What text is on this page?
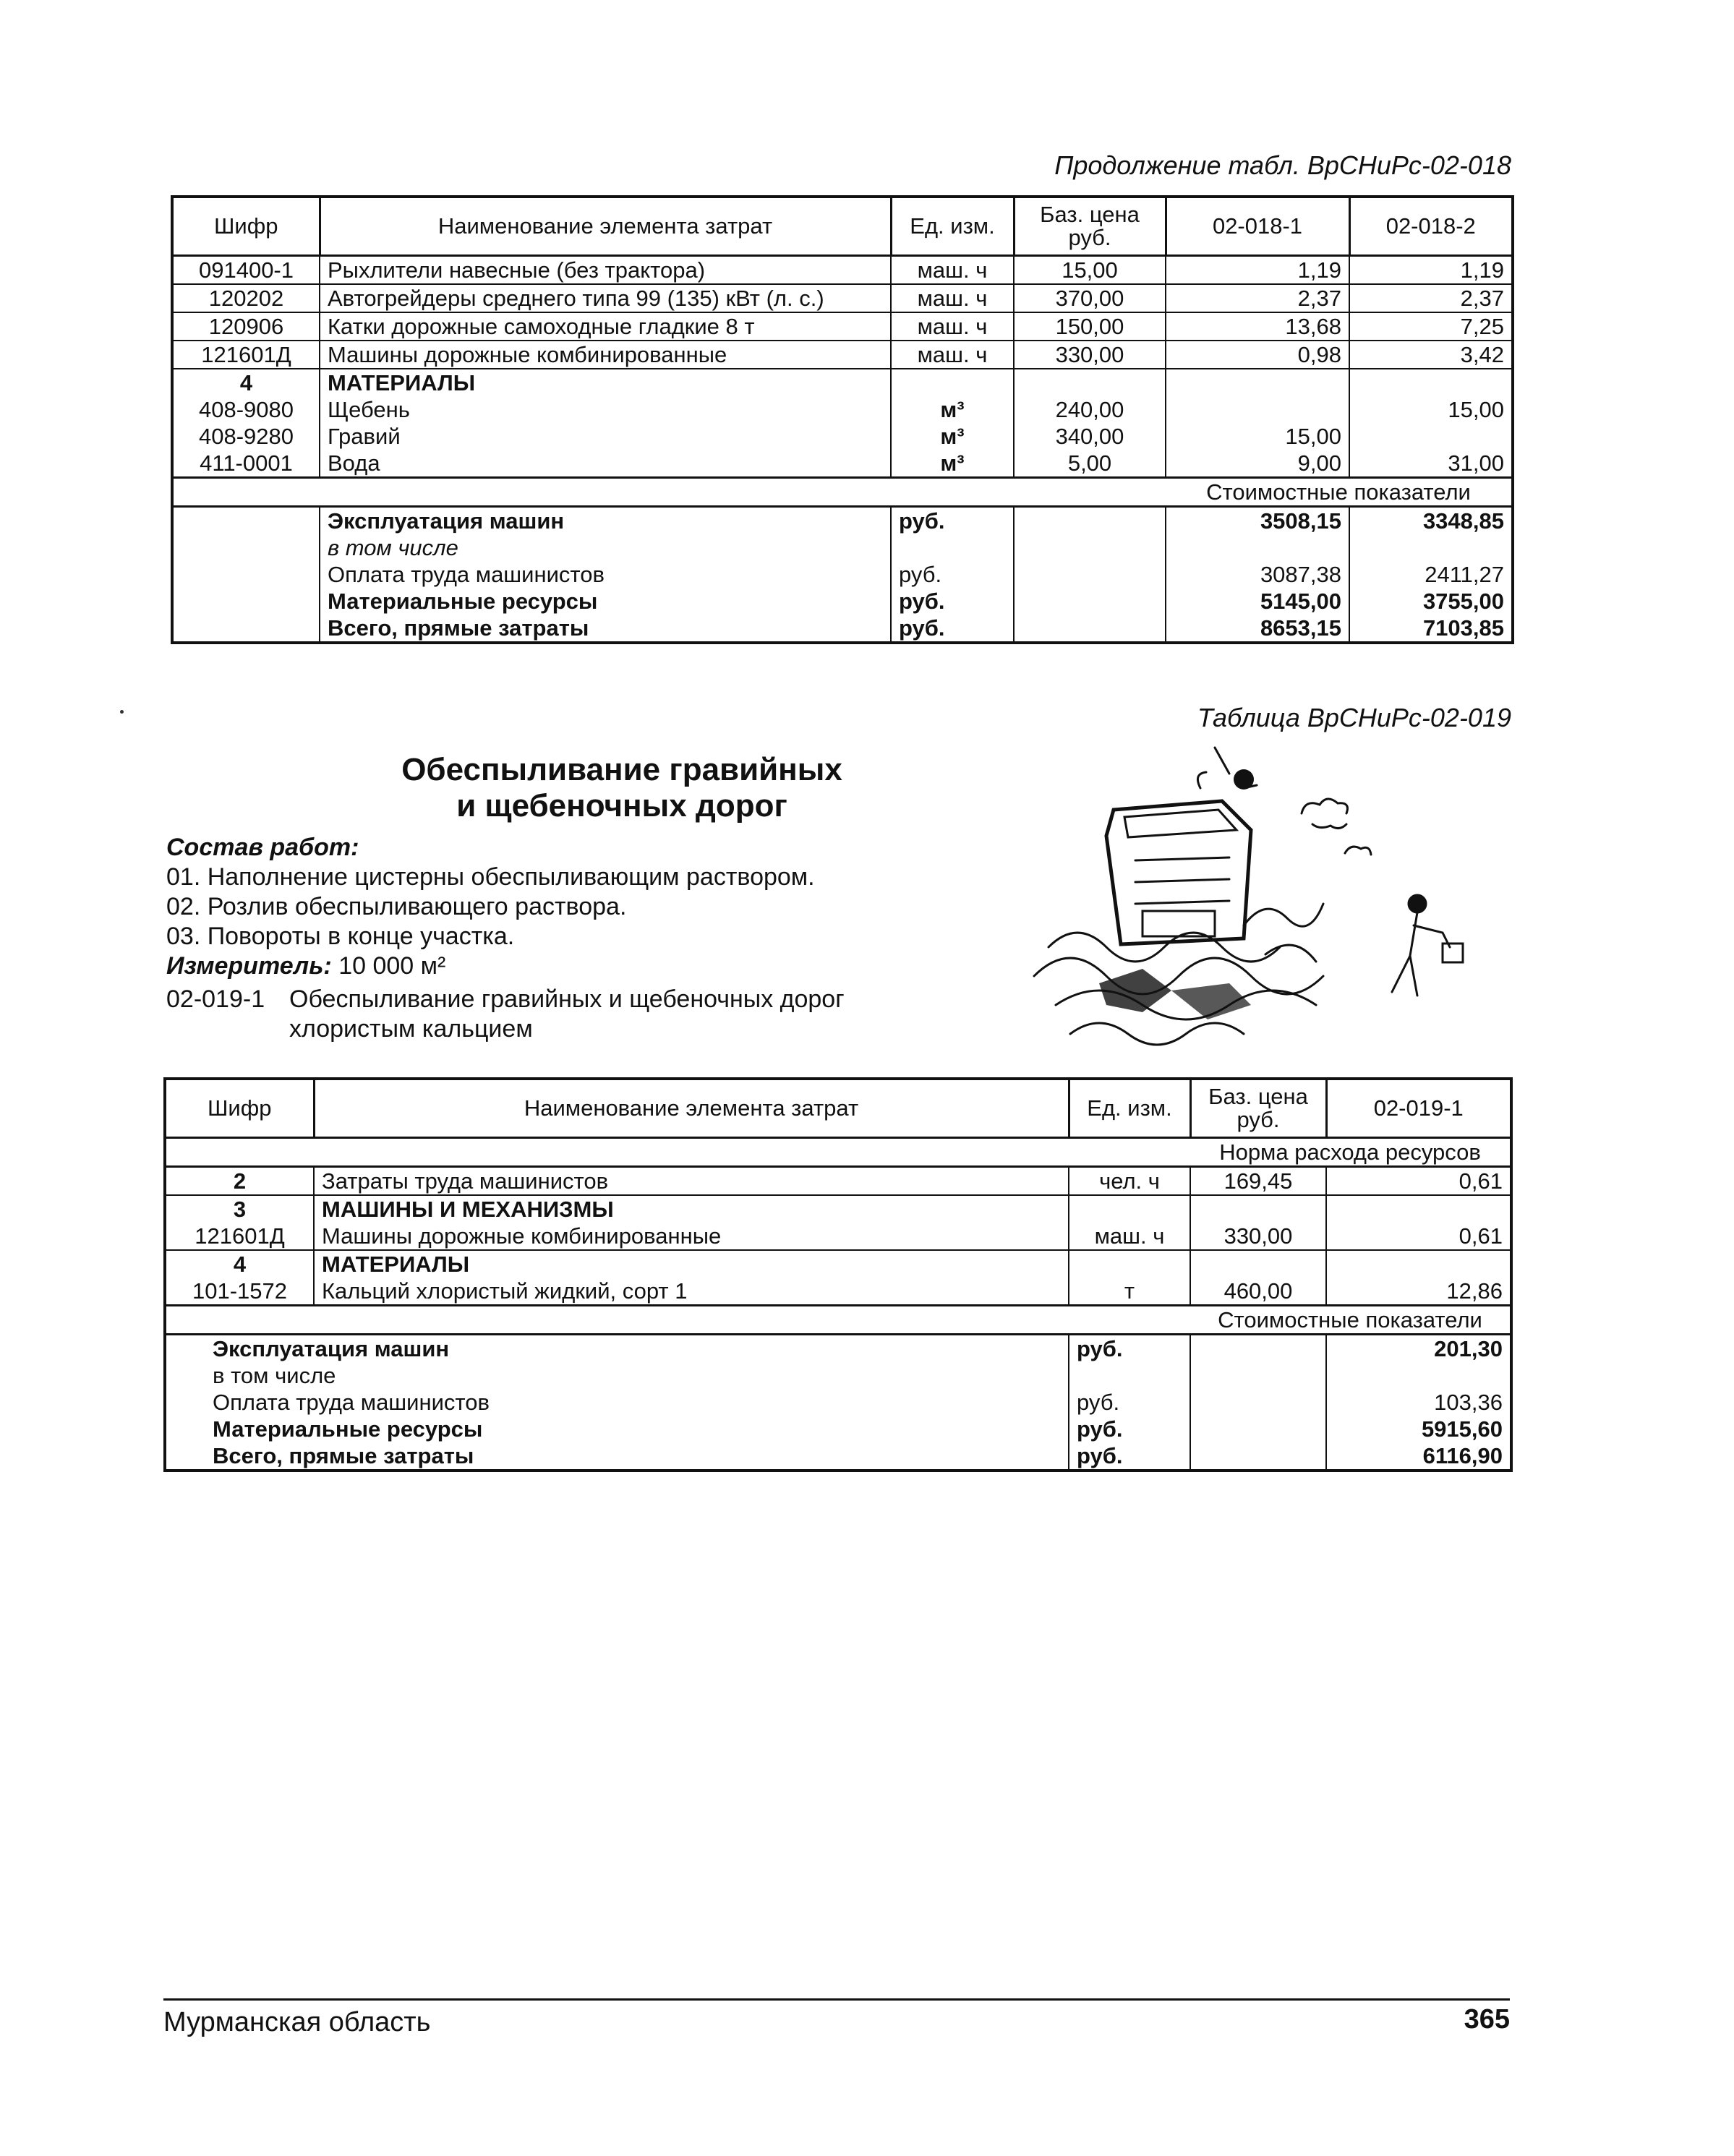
Продолжение табл. ВрСНиРс-02-018
Шифр	Наименование элемента затрат	Ед. изм.	Баз. цена руб.	02-018-1	02-018-2
091400-1	Рыхлители навесные (без трактора)	маш. ч	15,00	1,19	1,19
120202	Автогрейдеры среднего типа 99 (135) кВт (л. с.)	маш. ч	370,00	2,37	2,37
120906	Катки дорожные самоходные гладкие 8 т	маш. ч	150,00	13,68	7,25
121601Д	Машины дорожные комбинированные	маш. ч	330,00	0,98	3,42
4	МАТЕРИАЛЫ				
408-9080	Щебень	м³	240,00		15,00
408-9280	Гравий	м³	340,00	15,00	
411-0001	Вода	м³	5,00	9,00	31,00
				Стоимостные показатели	
	Эксплуатация машин	руб.		3508,15	3348,85
	в том числе				
	Оплата труда машинистов	руб.		3087,38	2411,27
	Материальные ресурсы	руб.		5145,00	3755,00
	Всего, прямые затраты	руб.		8653,15	7103,85
Таблица ВрСНиРс-02-019
Обеспыливание гравийных
и щебеночных дорог
Состав работ:
01. Наполнение цистерны обеспыливающим раствором.
02. Розлив обеспыливающего раствора.
03. Повороты в конце участка.
Измеритель: 10 000 м²
02-019-1 Обеспыливание гравийных и щебеночных дорог
хлористым кальцием
Шифр	Наименование элемента затрат	Ед. изм.	Баз. цена руб.	02-019-1
			Норма расхода ресурсов	
2	Затраты труда машинистов	чел. ч	169,45	0,61
3	МАШИНЫ И МЕХАНИЗМЫ			
121601Д	Машины дорожные комбинированные	маш. ч	330,00	0,61
4	МАТЕРИАЛЫ			
101-1572	Кальций хлористый жидкий, сорт 1	т	460,00	12,86
			Стоимостные показатели	
Эксплуатация машин		руб.		201,30
в том числе				
Оплата труда машинистов		руб.		103,36
Материальные ресурсы		руб.		5915,60
Всего, прямые затраты		руб.		6116,90
Мурманская область	365
